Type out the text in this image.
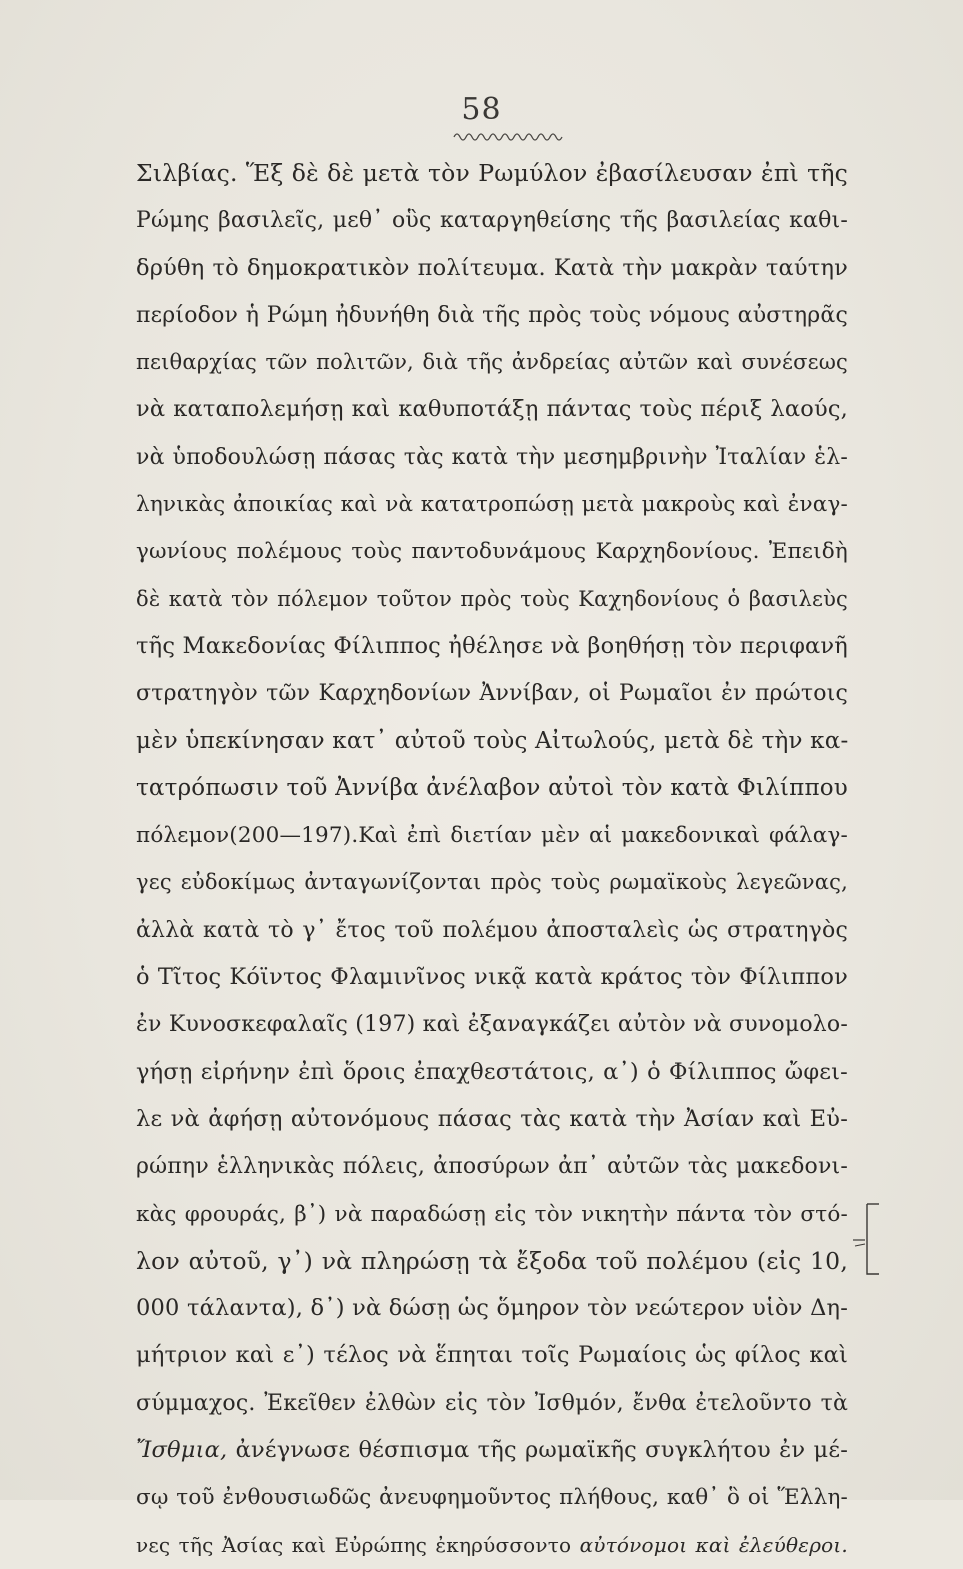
58
Σιλβίας. Ἕξ δὲ δὲ μετὰ τὸν Ρωμύλον ἐβασίλευσαν ἐπὶ τῆς
Ρώμης βασιλεῖς, μεθ᾽ οὓς καταργηθείσης τῆς βασιλείας καθι-
δρύθη τὸ δημοκρατικὸν πολίτευμα. Κατὰ τὴν μακρὰν ταύτην
περίοδον ἡ Ρώμη ἠδυνήθη διὰ τῆς πρὸς τοὺς νόμους αὐστηρᾶς
πειθαρχίας τῶν πολιτῶν, διὰ τῆς ἀνδρείας αὐτῶν καὶ συνέσεως
νὰ καταπολεμήσῃ καὶ καθυποτάξῃ πάντας τοὺς πέριξ λαούς,
νὰ ὑποδουλώσῃ πάσας τὰς κατὰ τὴν μεσημβρινὴν Ἰταλίαν ἑλ-
ληνικὰς ἀποικίας καὶ νὰ κατατροπώσῃ μετὰ μακροὺς καὶ ἐναγ-
γωνίους πολέμους τοὺς παντοδυνάμους Καρχηδονίους. Ἐπειδὴ
δὲ κατὰ τὸν πόλεμον τοῦτον πρὸς τοὺς Καχηδονίους ὁ βασιλεὺς
τῆς Μακεδονίας Φίλιππος ἠθέλησε νὰ βοηθήσῃ τὸν περιφανῆ
στρατηγὸν τῶν Καρχηδονίων Ἀννίβαν, οἱ Ρωμαῖοι ἐν πρώτοις
μὲν ὑπεκίνησαν κατ᾽ αὐτοῦ τοὺς Αἰτωλούς, μετὰ δὲ τὴν κα-
τατρόπωσιν τοῦ Ἀννίβα ἀνέλαβον αὐτοὶ τὸν κατὰ Φιλίππου
πόλεμον(200—197).Καὶ ἐπὶ διετίαν μὲν αἱ μακεδονικαὶ φάλαγ-
γες εὐδοκίμως ἀνταγωνίζονται πρὸς τοὺς ρωμαϊκοὺς λεγεῶνας,
ἀλλὰ κατὰ τὸ γ᾽ ἔτος τοῦ πολέμου ἀποσταλεὶς ὡς στρατηγὸς
ὁ Τῖτος Κόϊντος Φλαμινῖνος νικᾷ κατὰ κράτος τὸν Φίλιππον
ἐν Κυνοσκεφαλαῖς (197) καὶ ἐξαναγκάζει αὐτὸν νὰ συνομολο-
γήσῃ εἰρήνην ἐπὶ ὅροις ἐπαχθεστάτοις, α᾽) ὁ Φίλιππος ὤφει-
λε νὰ ἀφήσῃ αὐτονόμους πάσας τὰς κατὰ τὴν Ἀσίαν καὶ Εὐ-
ρώπην ἑλληνικὰς πόλεις, ἀποσύρων ἀπ᾽ αὐτῶν τὰς μακεδονι-
κὰς φρουράς, β᾽) νὰ παραδώσῃ εἰς τὸν νικητὴν πάντα τὸν στό-
λον αὐτοῦ, γ᾽) νὰ πληρώσῃ τὰ ἔξοδα τοῦ πολέμου (εἰς 10,
000 τάλαντα), δ᾽) νὰ δώσῃ ὡς ὅμηρον τὸν νεώτερον υἱὸν Δη-
μήτριον καὶ ε᾽) τέλος νὰ ἕπηται τοῖς Ρωμαίοις ὡς φίλος καὶ
σύμμαχος. Ἐκεῖθεν ἐλθὼν εἰς τὸν Ἰσθμόν, ἔνθα ἐτελοῦντο τὰ
Ἴσθμια, ἀνέγνωσε θέσπισμα τῆς ρωμαϊκῆς συγκλήτου ἐν μέ-
σῳ τοῦ ἐνθουσιωδῶς ἀνευφημοῦντος πλήθους, καθ᾽ ὃ οἱ Ἕλλη-
νες τῆς Ἀσίας καὶ Εὐρώπης ἐκηρύσσοντο αὐτόνομοι καὶ ἐλεύθεροι.
